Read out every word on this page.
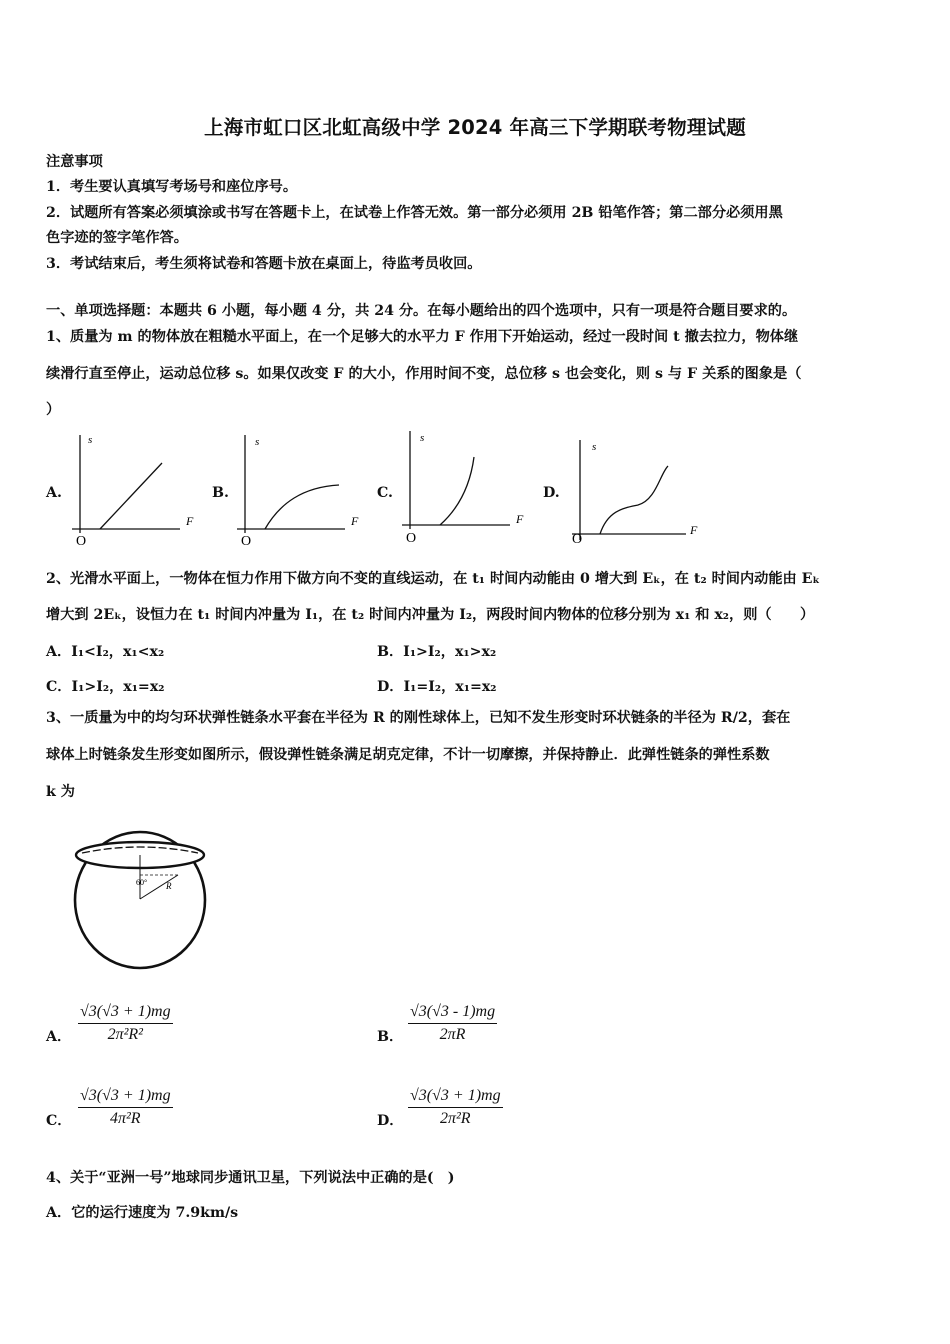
上海市虹口区北虹高级中学 2024 年高三下学期联考物理试题
注意事项
1．考生要认真填写考场号和座位序号。
2．试题所有答案必须填涂或书写在答题卡上，在试卷上作答无效。第一部分必须用 2B 铅笔作答；第二部分必须用黑
色字迹的签字笔作答。
3．考试结束后，考生须将试卷和答题卡放在桌面上，待监考员收回。
一、单项选择题：本题共 6 小题，每小题 4 分，共 24 分。在每小题给出的四个选项中，只有一项是符合题目要求的。
1、质量为 m 的物体放在粗糙水平面上，在一个足够大的水平力 F 作用下开始运动，经过一段时间 t 撤去拉力，物体继
续滑行直至停止，运动总位移 s。如果仅改变 F 的大小，作用时间不变，总位移 s 也会变化，则 s 与 F 关系的图象是（
）
A.
s
F
O
B.
s
F
O
C.
s
F
O
D.
s
F
O
2、光滑水平面上，一物体在恒力作用下做方向不变的直线运动，在 t₁ 时间内动能由 0 增大到 Eₖ，在 t₂ 时间内动能由 Eₖ
增大到 2Eₖ，设恒力在 t₁ 时间内冲量为 I₁，在 t₂ 时间内冲量为 I₂，两段时间内物体的位移分别为 x₁ 和 x₂，则（　　）
A．I₁<I₂，x₁<x₂	B．I₁>I₂，x₁>x₂
C．I₁>I₂，x₁=x₂	D．I₁=I₂，x₁=x₂
3、一质量为中的均匀环状弹性链条水平套在半径为 R 的刚性球体上，已知不发生形变时环状链条的半径为 R/2，套在
球体上时链条发生形变如图所示，假设弹性链条满足胡克定律，不计一切摩擦，并保持静止．此弹性链条的弹性系数
k 为
60° R
A． $\frac{√3(√3 + 1)mg}{\text{2π²R²}}$	B． $\frac{√3(√3 - 1)mg}{2\pi R}$
C． $\frac{√3(√3 + 1)mg}{\text{4π²R}}$	D． $\frac{√3(√3 + 1)mg}{\text{2π²R}}$
4、关于“亚洲一号”地球同步通讯卫星，下列说法中正确的是(　)
A．它的运行速度为 7.9km/s
